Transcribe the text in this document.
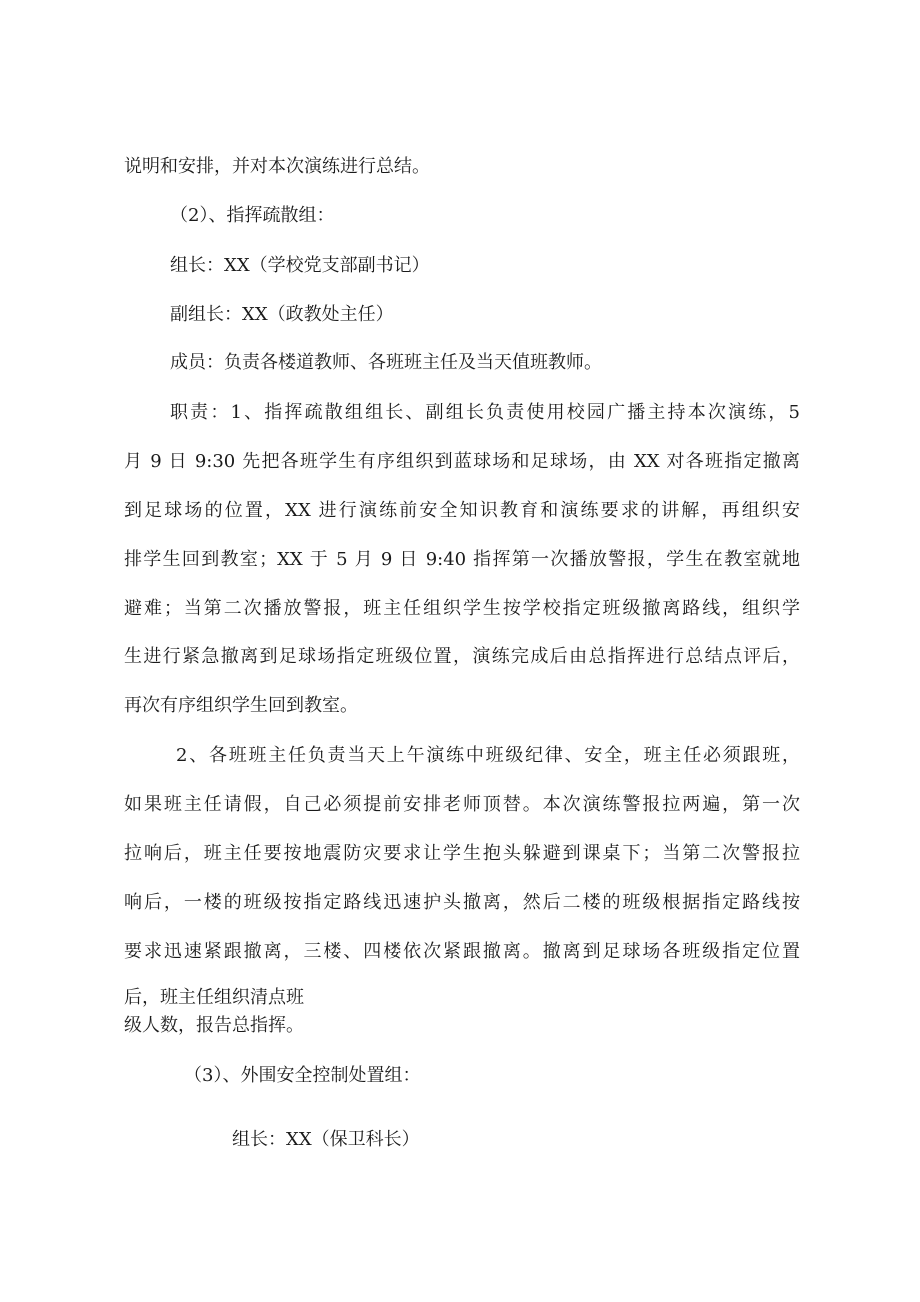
说明和安排，并对本次演练进行总结。
（2）、指挥疏散组：
组长：XX（学校党支部副书记）
副组长：XX（政教处主任）
成员：负责各楼道教师、各班班主任及当天值班教师。
职责：1、指挥疏散组组长、副组长负责使用校园广播主持本次演练，5
月 9 日 9:30 先把各班学生有序组织到蓝球场和足球场，由 XX 对各班指定撤离
到足球场的位置，XX 进行演练前安全知识教育和演练要求的讲解，再组织安
排学生回到教室；XX 于 5 月 9 日 9:40 指挥第一次播放警报，学生在教室就地
避难；当第二次播放警报，班主任组织学生按学校指定班级撤离路线，组织学
生进行紧急撤离到足球场指定班级位置，演练完成后由总指挥进行总结点评后，
再次有序组织学生回到教室。
2、各班班主任负责当天上午演练中班级纪律、安全，班主任必须跟班，
如果班主任请假，自己必须提前安排老师顶替。本次演练警报拉两遍，第一次
拉响后，班主任要按地震防灾要求让学生抱头躲避到课桌下；当第二次警报拉
响后，一楼的班级按指定路线迅速护头撤离，然后二楼的班级根据指定路线按
要求迅速紧跟撤离，三楼、四楼依次紧跟撤离。撤离到足球场各班级指定位置
后，班主任组织清点班
级人数，报告总指挥。
（3）、外围安全控制处置组：
组长：XX（保卫科长）
